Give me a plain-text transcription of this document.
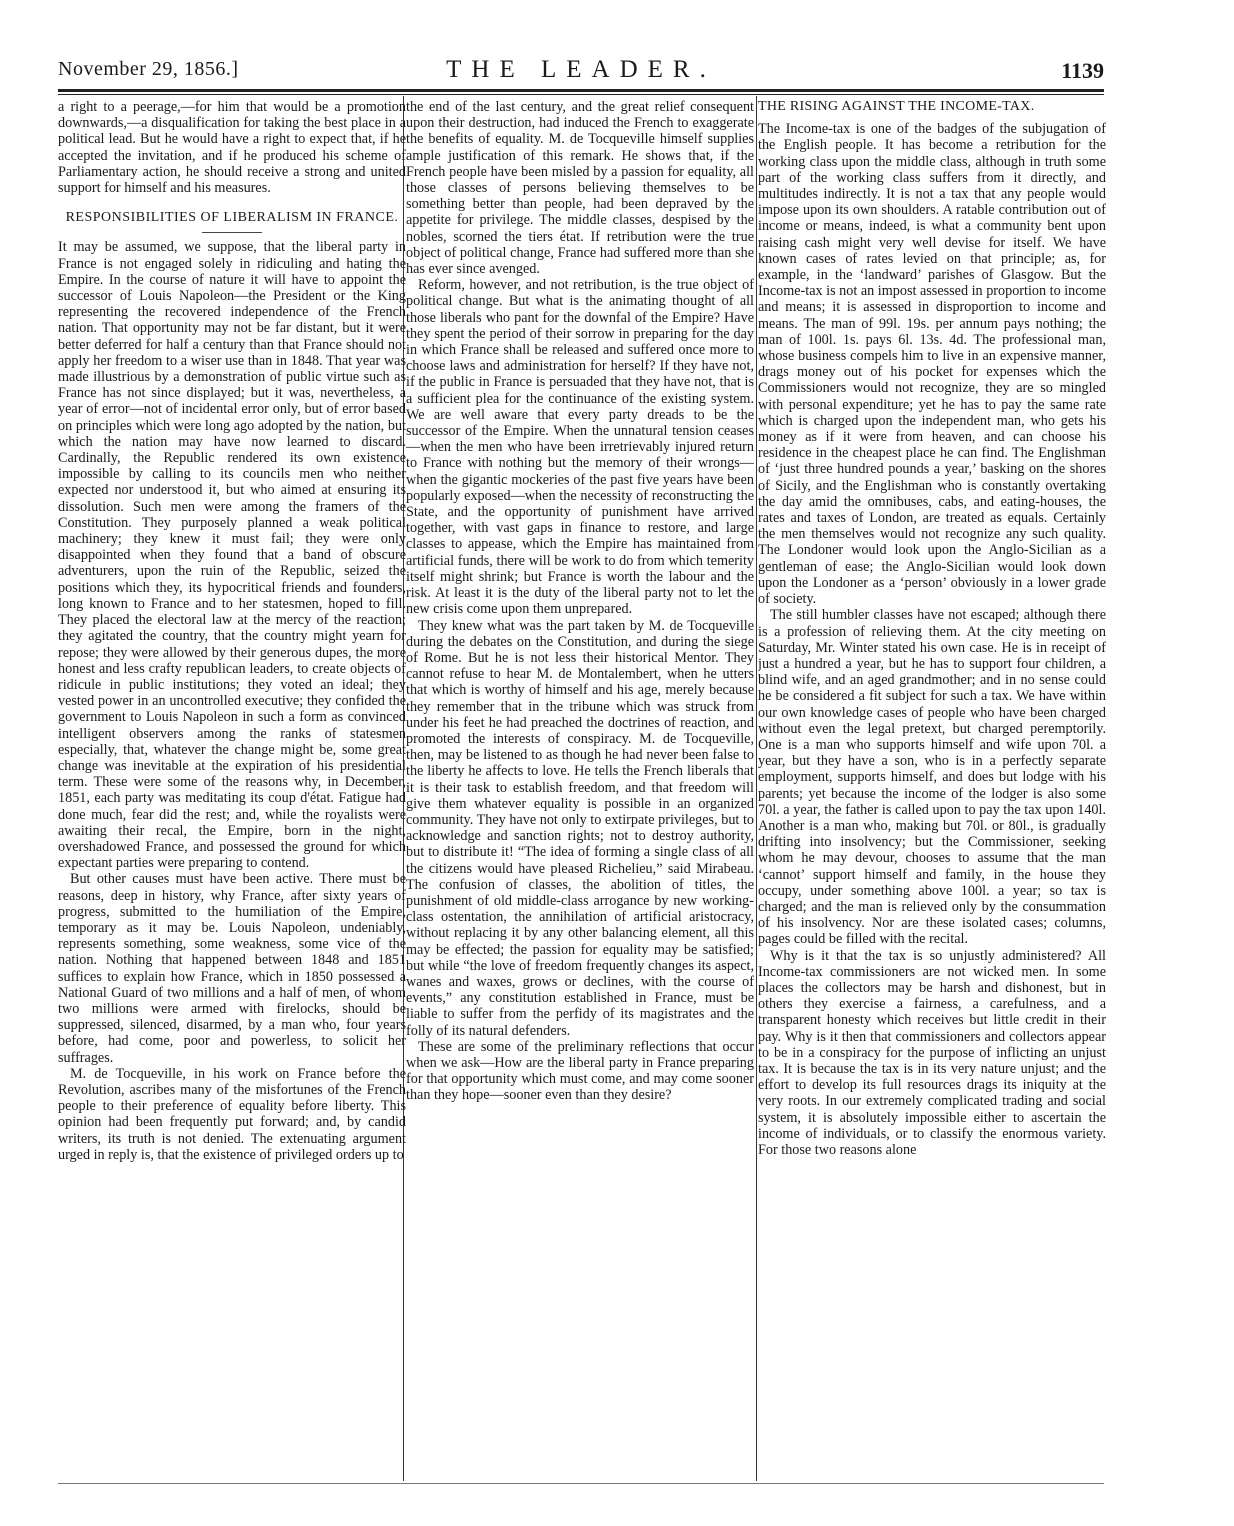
November 29, 1856.]	THE LEADER.	1139

a right to a peerage,—for him that would be a promotion downwards,—a disqualification for taking the best place in a political lead. But he would have a right to expect that, if he accepted the invitation, and if he produced his scheme of Parliamentary action, he should receive a strong and united support for himself and his measures.

RESPONSIBILITIES OF LIBERALISM IN FRANCE.

It may be assumed, we suppose, that the liberal party in France is not engaged solely in ridiculing and hating the Empire. In the course of nature it will have to appoint the successor of Louis Napoleon—the President or the King representing the recovered independence of the French nation. That opportunity may not be far distant, but it were better deferred for half a century than that France should not apply her freedom to a wiser use than in 1848. That year was made illustrious by a demonstration of public virtue such as France has not since displayed; but it was, nevertheless, a year of error—not of incidental error only, but of error based on principles which were long ago adopted by the nation, but which the nation may have now learned to discard. Cardinally, the Republic rendered its own existence impossible by calling to its councils men who neither expected nor understood it, but who aimed at ensuring its dissolution. Such men were among the framers of the Constitution. They purposely planned a weak political machinery; they knew it must fail; they were only disappointed when they found that a band of obscure adventurers, upon the ruin of the Republic, seized the positions which they, its hypocritical friends and founders, long known to France and to her statesmen, hoped to fill. They placed the electoral law at the mercy of the reaction; they agitated the country, that the country might yearn for repose; they were allowed by their generous dupes, the more honest and less crafty republican leaders, to create objects of ridicule in public institutions; they voted an ideal; they vested power in an uncontrolled executive; they confided the government to Louis Napoleon in such a form as convinced intelligent observers among the ranks of statesmen especially, that, whatever the change might be, some great change was inevitable at the expiration of his presidential term. These were some of the reasons why, in December, 1851, each party was meditating its coup d'état. Fatigue had done much, fear did the rest; and, while the royalists were awaiting their recal, the Empire, born in the night, overshadowed France, and possessed the ground for which expectant parties were preparing to contend.

But other causes must have been active. There must be reasons, deep in history, why France, after sixty years of progress, submitted to the humiliation of the Empire, temporary as it may be. Louis Napoleon, undeniably, represents something, some weakness, some vice of the nation. Nothing that happened between 1848 and 1851 suffices to explain how France, which in 1850 possessed a National Guard of two millions and a half of men, of whom two millions were armed with firelocks, should be suppressed, silenced, disarmed, by a man who, four years before, had come, poor and powerless, to solicit her suffrages.

M. de Tocqueville, in his work on France before the Revolution, ascribes many of the misfortunes of the French people to their preference of equality before liberty. This opinion had been frequently put forward; and, by candid writers, its truth is not denied. The extenuating argument urged in reply is, that the existence of privileged orders up to

the end of the last century, and the great relief consequent upon their destruction, had induced the French to exaggerate the benefits of equality. M. de Tocqueville himself supplies ample justification of this remark. He shows that, if the French people have been misled by a passion for equality, all those classes of persons believing themselves to be something better than people, had been depraved by the appetite for privilege. The middle classes, despised by the nobles, scorned the tiers état. If retribution were the true object of political change, France had suffered more than she has ever since avenged.

Reform, however, and not retribution, is the true object of political change. But what is the animating thought of all those liberals who pant for the downfal of the Empire? Have they spent the period of their sorrow in preparing for the day in which France shall be released and suffered once more to choose laws and administration for herself? If they have not, if the public in France is persuaded that they have not, that is a sufficient plea for the continuance of the existing system. We are well aware that every party dreads to be the successor of the Empire. When the unnatural tension ceases—when the men who have been irretrievably injured return to France with nothing but the memory of their wrongs—when the gigantic mockeries of the past five years have been popularly exposed—when the necessity of reconstructing the State, and the opportunity of punishment have arrived together, with vast gaps in finance to restore, and large classes to appease, which the Empire has maintained from artificial funds, there will be work to do from which temerity itself might shrink; but France is worth the labour and the risk. At least it is the duty of the liberal party not to let the new crisis come upon them unprepared.

They knew what was the part taken by M. de Tocqueville during the debates on the Constitution, and during the siege of Rome. But he is not less their historical Mentor. They cannot refuse to hear M. de Montalembert, when he utters that which is worthy of himself and his age, merely because they remember that in the tribune which was struck from under his feet he had preached the doctrines of reaction, and promoted the interests of conspiracy. M. de Tocqueville, then, may be listened to as though he had never been false to the liberty he affects to love. He tells the French liberals that it is their task to establish freedom, and that freedom will give them whatever equality is possible in an organized community. They have not only to extirpate privileges, but to acknowledge and sanction rights; not to destroy authority, but to distribute it! “The idea of forming a single class of all the citizens would have pleased Richelieu,” said Mirabeau. The confusion of classes, the abolition of titles, the punishment of old middle-class arrogance by new working-class ostentation, the annihilation of artificial aristocracy, without replacing it by any other balancing element, all this may be effected; the passion for equality may be satisfied; but while “the love of freedom frequently changes its aspect, wanes and waxes, grows or declines, with the course of events,” any constitution established in France, must be liable to suffer from the perfidy of its magistrates and the folly of its natural defenders.

These are some of the preliminary reflections that occur when we ask—How are the liberal party in France preparing for that opportunity which must come, and may come sooner than they hope—sooner even than they desire?

THE RISING AGAINST THE INCOME-TAX.

The Income-tax is one of the badges of the subjugation of the English people. It has become a retribution for the working class upon the middle class, although in truth some part of the working class suffers from it directly, and multitudes indirectly. It is not a tax that any people would impose upon its own shoulders. A ratable contribution out of income or means, indeed, is what a community bent upon raising cash might very well devise for itself. We have known cases of rates levied on that principle; as, for example, in the ‘landward’ parishes of Glasgow. But the Income-tax is not an impost assessed in proportion to income and means; it is assessed in disproportion to income and means. The man of 99l. 19s. per annum pays nothing; the man of 100l. 1s. pays 6l. 13s. 4d. The professional man, whose business compels him to live in an expensive manner, drags money out of his pocket for expenses which the Commissioners would not recognize, they are so mingled with personal expenditure; yet he has to pay the same rate which is charged upon the independent man, who gets his money as if it were from heaven, and can choose his residence in the cheapest place he can find. The Englishman of ‘just three hundred pounds a year,’ basking on the shores of Sicily, and the Englishman who is constantly overtaking the day amid the omnibuses, cabs, and eating-houses, the rates and taxes of London, are treated as equals. Certainly the men themselves would not recognize any such quality. The Londoner would look upon the Anglo-Sicilian as a gentleman of ease; the Anglo-Sicilian would look down upon the Londoner as a ‘person’ obviously in a lower grade of society.

The still humbler classes have not escaped; although there is a profession of relieving them. At the city meeting on Saturday, Mr. Winter stated his own case. He is in receipt of just a hundred a year, but he has to support four children, a blind wife, and an aged grandmother; and in no sense could he be considered a fit subject for such a tax. We have within our own knowledge cases of people who have been charged without even the legal pretext, but charged peremptorily. One is a man who supports himself and wife upon 70l. a year, but they have a son, who is in a perfectly separate employment, supports himself, and does but lodge with his parents; yet because the income of the lodger is also some 70l. a year, the father is called upon to pay the tax upon 140l. Another is a man who, making but 70l. or 80l., is gradually drifting into insolvency; but the Commissioner, seeking whom he may devour, chooses to assume that the man ‘cannot’ support himself and family, in the house they occupy, under something above 100l. a year; so tax is charged; and the man is relieved only by the consummation of his insolvency. Nor are these isolated cases; columns, pages could be filled with the recital.

Why is it that the tax is so unjustly administered? All Income-tax commissioners are not wicked men. In some places the collectors may be harsh and dishonest, but in others they exercise a fairness, a carefulness, and a transparent honesty which receives but little credit in their pay. Why is it then that commissioners and collectors appear to be in a conspiracy for the purpose of inflicting an unjust tax. It is because the tax is in its very nature unjust; and the effort to develop its full resources drags its iniquity at the very roots. In our extremely complicated trading and social system, it is absolutely impossible either to ascertain the income of individuals, or to classify the enormous variety. For those two reasons alone
